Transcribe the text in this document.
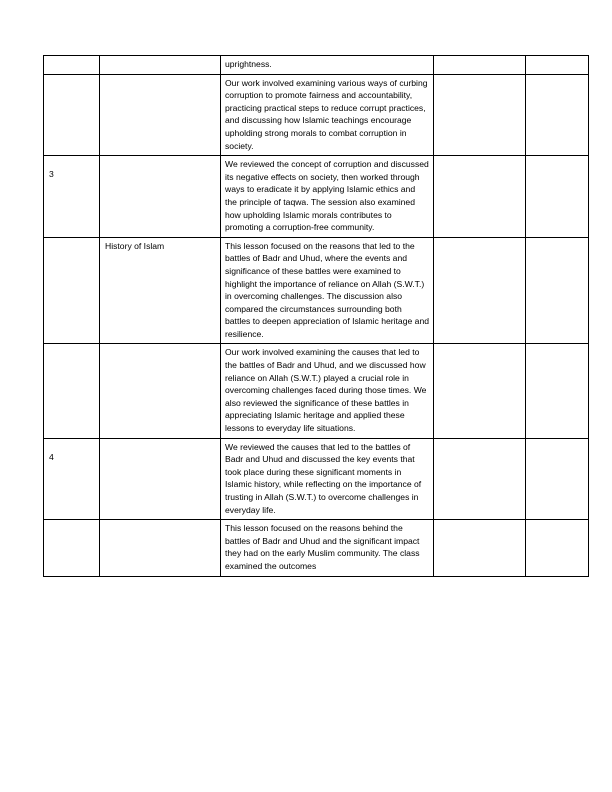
		uprightness.		
		Our work involved examining various ways of curbing corruption to promote fairness and accountability, practicing practical steps to reduce corrupt practices, and discussing how Islamic teachings encourage upholding strong morals to combat corruption in society.		
3		We reviewed the concept of corruption and discussed its negative effects on society, then worked through ways to eradicate it by applying Islamic ethics and the principle of taqwa. The session also examined how upholding Islamic morals contributes to promoting a corruption-free community.		
	History of Islam	This lesson focused on the reasons that led to the battles of Badr and Uhud, where the events and significance of these battles were examined to highlight the importance of reliance on Allah (S.W.T.) in overcoming challenges. The discussion also compared the circumstances surrounding both battles to deepen appreciation of Islamic heritage and resilience.		
		Our work involved examining the causes that led to the battles of Badr and Uhud, and we discussed how reliance on Allah (S.W.T.) played a crucial role in overcoming challenges faced during those times. We also reviewed the significance of these battles in appreciating Islamic heritage and applied these lessons to everyday life situations.		
4		We reviewed the causes that led to the battles of Badr and Uhud and discussed the key events that took place during these significant moments in Islamic history, while reflecting on the importance of trusting in Allah (S.W.T.) to overcome challenges in everyday life.		
		This lesson focused on the reasons behind the battles of Badr and Uhud and the significant impact they had on the early Muslim community. The class examined the outcomes		
